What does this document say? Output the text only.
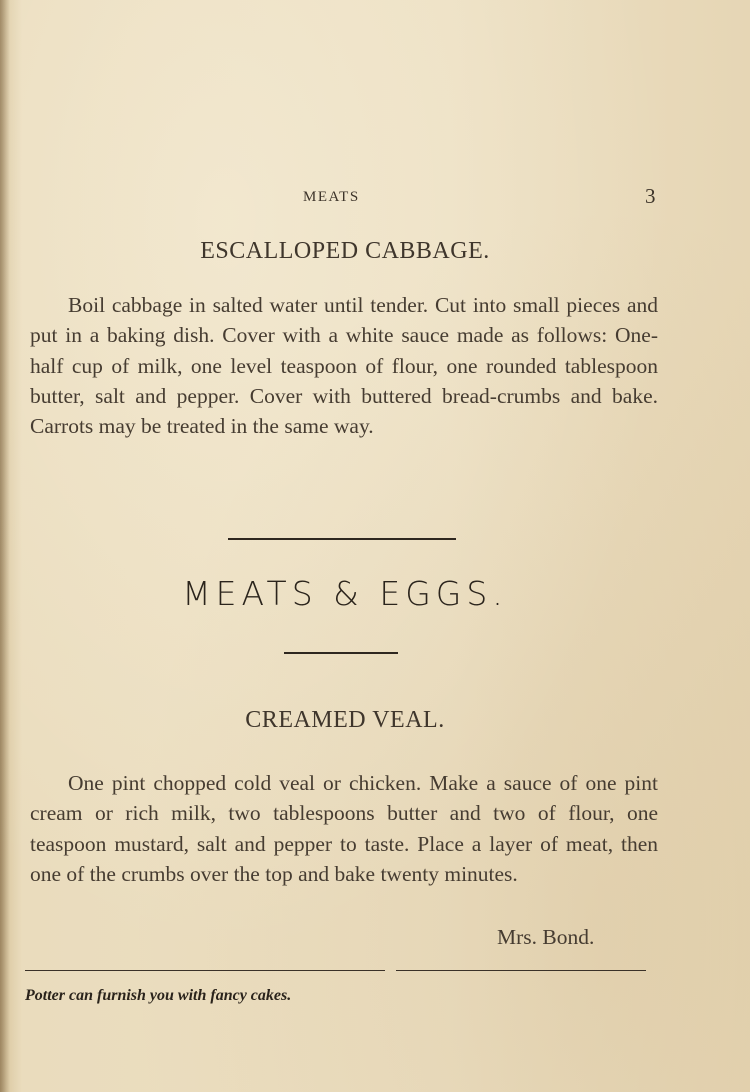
MEATS	3
ESCALLOPED CABBAGE.

Boil cabbage in salted water until tender. Cut into small pieces and put in a baking dish. Cover with a white sauce made as follows: One-half cup of milk, one level teaspoon of flour, one rounded tablespoon butter, salt and pepper. Cover with buttered bread-crumbs and bake. Carrots may be treated in the same way.

MEATS & EGGS.
CREAMED VEAL.

One pint chopped cold veal or chicken. Make a sauce of one pint cream or rich milk, two tablespoons butter and two of flour, one teaspoon mustard, salt and pepper to taste. Place a layer of meat, then one of the crumbs over the top and bake twenty minutes.

Mrs. Bond.
Potter can furnish you with fancy cakes.
